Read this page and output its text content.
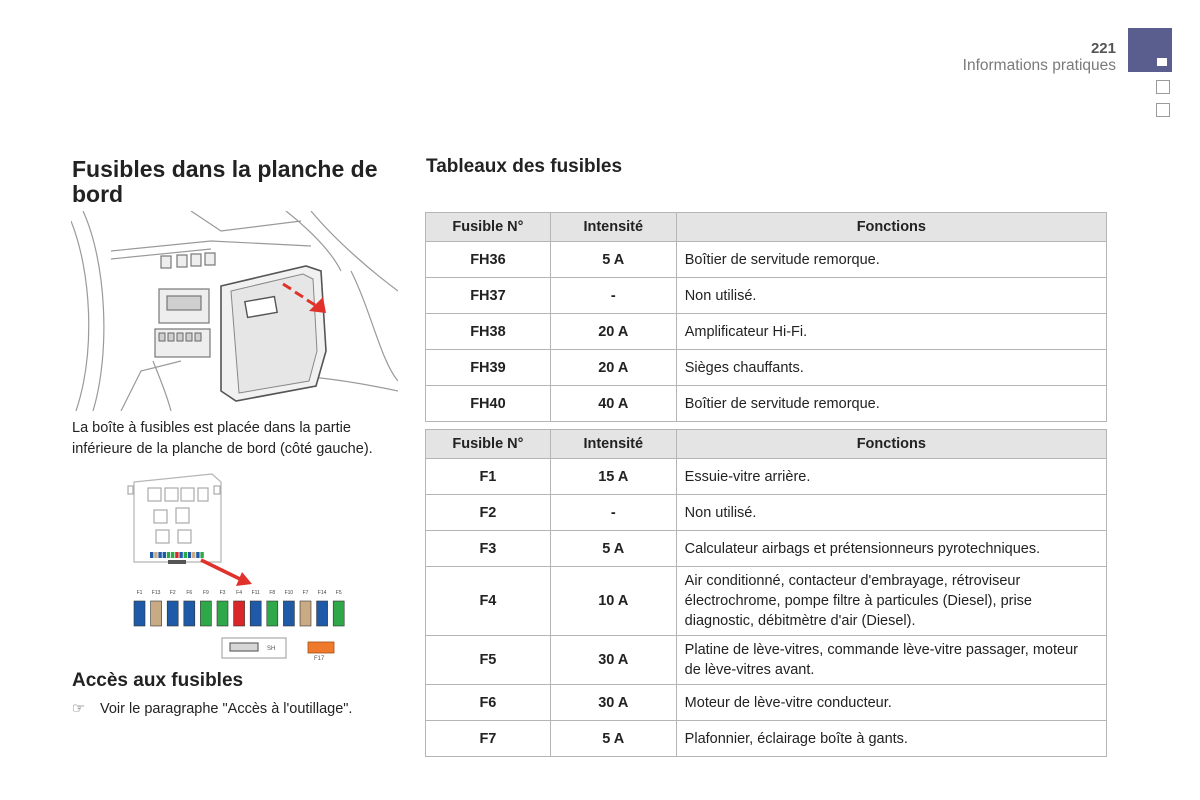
221
Informations pratiques
Fusibles dans la planche de bord

La boîte à fusibles est placée dans la partie inférieure de la planche de bord (côté gauche).

F1 F13 F2 F6 F9 F3 F4 F11 F8 F10 F7 F14 F5
SH
F17
Accès aux fusibles
☞ Voir le paragraphe "Accès à l'outillage".
Tableaux des fusibles
Fusible N°	Intensité	Fonctions
FH36	5 A	Boîtier de servitude remorque.
FH37	-	Non utilisé.
FH38	20 A	Amplificateur Hi-Fi.
FH39	20 A	Sièges chauffants.
FH40	40 A	Boîtier de servitude remorque.
Fusible N°	Intensité	Fonctions
F1	15 A	Essuie-vitre arrière.
F2	-	Non utilisé.
F3	5 A	Calculateur airbags et prétensionneurs pyrotechniques.
F4	10 A	Air conditionné, contacteur d'embrayage, rétroviseur électrochrome, pompe filtre à particules (Diesel), prise diagnostic, débitmètre d'air (Diesel).
F5	30 A	Platine de lève-vitres, commande lève-vitre passager, moteur de lève-vitres avant.
F6	30 A	Moteur de lève-vitre conducteur.
F7	5 A	Plafonnier, éclairage boîte à gants.
